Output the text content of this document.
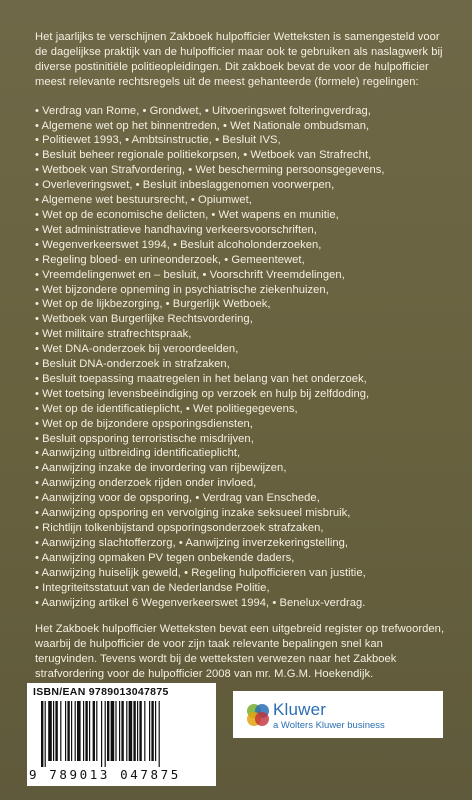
Het jaarlijks te verschijnen Zakboek hulpofficier Wetteksten is samengesteld voor de dagelijkse praktijk van de hulpofficier maar ook te gebruiken als naslagwerk bij diverse postinitiële politieopleidingen. Dit zakboek bevat de voor de hulpofficier meest relevante rechtsregels uit de meest gehanteerde (formele) regelingen:

• Verdrag van Rome, • Grondwet, • Uitvoeringswet folteringverdrag,
• Algemene wet op het binnentreden, • Wet Nationale ombudsman,
• Politiewet 1993, • Ambtsinstructie, • Besluit IVS,
• Besluit beheer regionale politiekorpsen, • Wetboek van Strafrecht,
• Wetboek van Strafvordering, • Wet bescherming persoonsgegevens,
• Overleveringswet, • Besluit inbeslaggenomen voorwerpen,
• Algemene wet bestuursrecht, • Opiumwet,
• Wet op de economische delicten, • Wet wapens en munitie,
• Wet administratieve handhaving verkeersvoorschriften,
• Wegenverkeerswet 1994, • Besluit alcoholonderzoeken,
• Regeling bloed- en urineonderzoek, • Gemeentewet,
• Vreemdelingenwet en – besluit, • Voorschrift Vreemdelingen,
• Wet bijzondere opneming in psychiatrische ziekenhuizen,
• Wet op de lijkbezorging, • Burgerlijk Wetboek,
• Wetboek van Burgerlijke Rechtsvordering,
• Wet militaire strafrechtspraak,
• Wet DNA-onderzoek bij veroordeelden,
• Besluit DNA-onderzoek in strafzaken,
• Besluit toepassing maatregelen in het belang van het onderzoek,
• Wet toetsing levensbeëindiging op verzoek en hulp bij zelfdoding,
• Wet op de identificatieplicht, • Wet politiegegevens,
• Wet op de bijzondere opsporingsdiensten,
• Besluit opsporing terroristische misdrijven,
• Aanwijzing uitbreiding identificatieplicht,
• Aanwijzing inzake de invordering van rijbewijzen,
• Aanwijzing onderzoek rijden onder invloed,
• Aanwijzing voor de opsporing, • Verdrag van Enschede,
• Aanwijzing opsporing en vervolging inzake seksueel misbruik,
• Richtlijn tolkenbijstand opsporingsonderzoek strafzaken,
• Aanwijzing slachtofferzorg, • Aanwijzing inverzekeringstelling,
• Aanwijzing opmaken PV tegen onbekende daders,
• Aanwijzing huiselijk geweld, • Regeling hulpofficieren van justitie,
• Integriteitsstatuut van de Nederlandse Politie,
• Aanwijzing artikel 6 Wegenverkeerswet 1994, • Benelux-verdrag.

Het Zakboek hulpofficier Wetteksten bevat een uitgebreid register op trefwoorden, waarbij de hulpofficier de voor zijn taak relevante bepalingen snel kan terugvinden. Tevens wordt bij de wetteksten verwezen naar het Zakboek strafvordering voor de hulpofficier 2008 van mr. M.G.M. Hoekendijk.

ISBN/EAN 9789013047875
9 789013 047875
Kluwer
a Wolters Kluwer business
